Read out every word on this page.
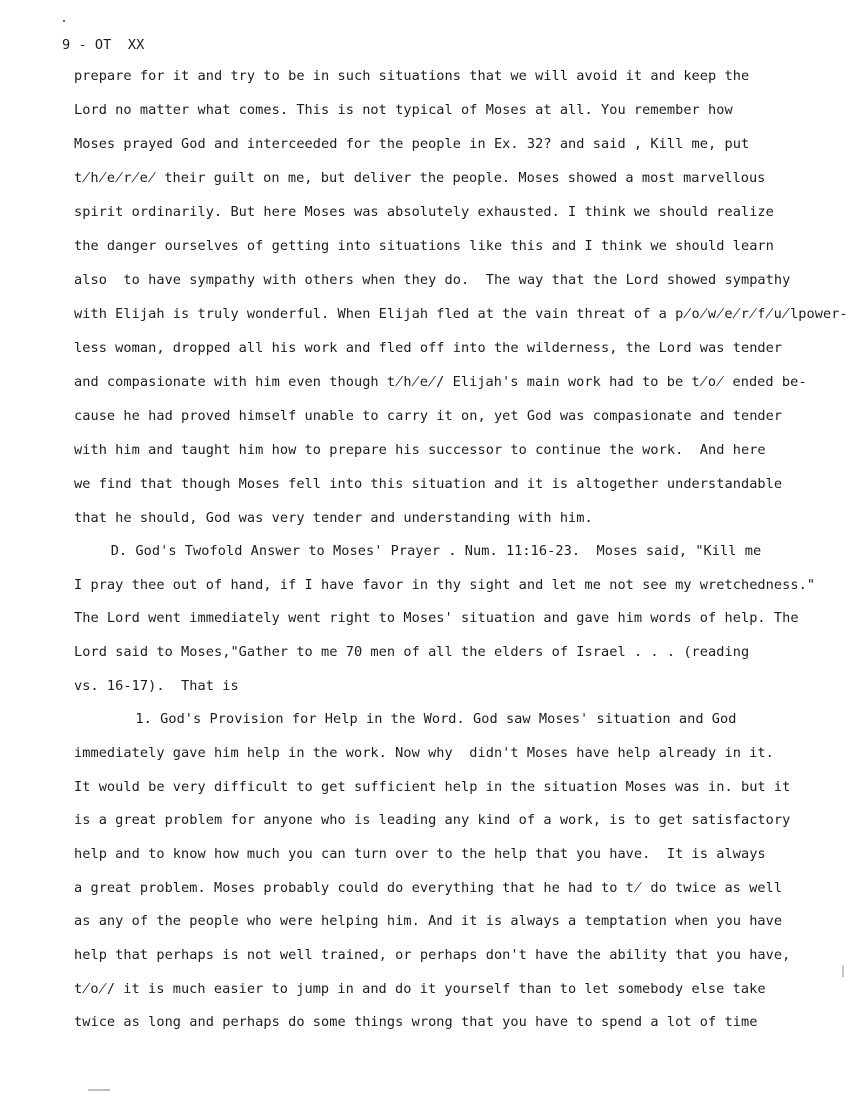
9 - OT  XX
prepare for it and try to be in such situations that we will avoid it and keep the
Lord no matter what comes. This is not typical of Moses at all. You remember how
Moses prayed God and interceeded for the people in Ex. 32? and said , Kill me, put
t̸h̸e̸r̸e̸ their guilt on me, but deliver the people. Moses showed a most marvellous
spirit ordinarily. But here Moses was absolutely exhausted. I think we should realize
the danger ourselves of getting into situations like this and I think we should learn
also  to have sympathy with others when they do.  The way that the Lord showed sympathy
with Elijah is truly wonderful. When Elijah fled at the vain threat of a p̸o̸w̸e̸r̸f̸u̸lpower-
less woman, dropped all his work and fled off into the wilderness, the Lord was tender
and compasionate with him even though t̸h̸e̸/ Elijah's main work had to be t̸o̸ ended be-
cause he had proved himself unable to carry it on, yet God was compasionate and tender
with him and taught him how to prepare his successor to continue the work.  And here
we find that though Moses fell into this situation and it is altogether understandable
that he should, God was very tender and understanding with him.
D. God's Twofold Answer to Moses' Prayer . Num. 11:16-23.  Moses said, "Kill me
I pray thee out of hand, if I have favor in thy sight and let me not see my wretchedness."
The Lord went immediately went right to Moses' situation and gave him words of help. The
Lord said to Moses,"Gather to me 70 men of all the elders of Israel . . . (reading
vs. 16-17).  That is
1. God's Provision for Help in the Word. God saw Moses' situation and God
immediately gave him help in the work. Now why  didn't Moses have help already in it.
It would be very difficult to get sufficient help in the situation Moses was in. but it
is a great problem for anyone who is leading any kind of a work, is to get satisfactory
help and to know how much you can turn over to the help that you have.  It is always
a great problem. Moses probably could do everything that he had to t̸ do twice as well
as any of the people who were helping him. And it is always a temptation when you have
help that perhaps is not well trained, or perhaps don't have the ability that you have,
t̸o̸/ it is much easier to jump in and do it yourself than to let somebody else take
twice as long and perhaps do some things wrong that you have to spend a lot of time
